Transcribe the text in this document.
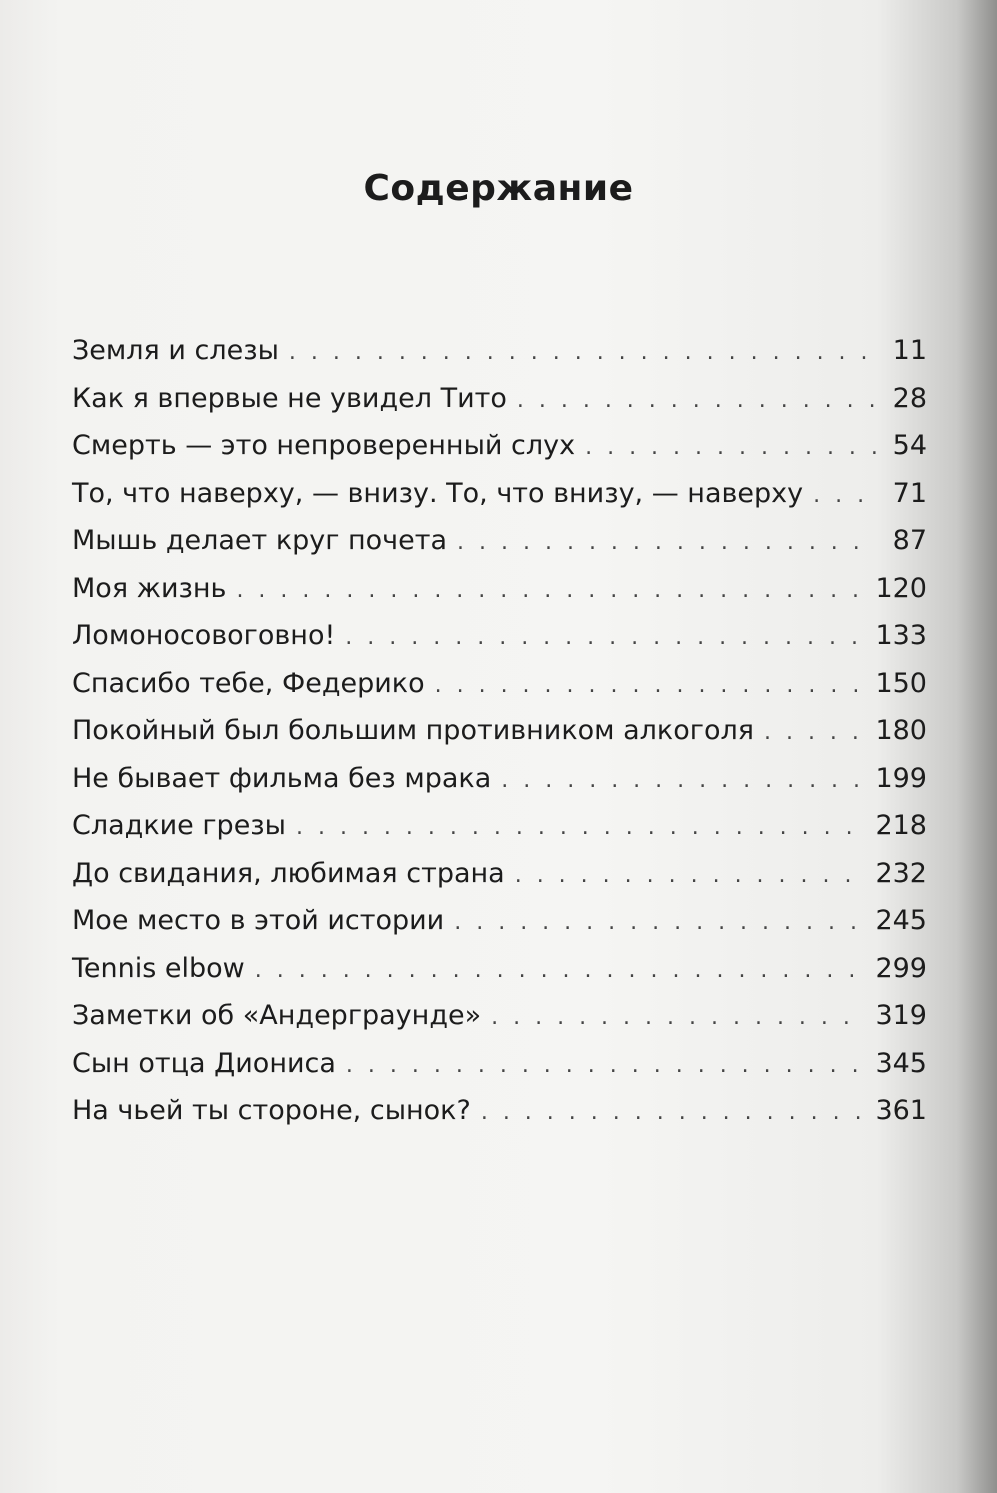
Содержание
Земля и слезы . . .	11
Как я впервые не увидел Тито . . .	28
Смерть — это непроверенный слух . . .	54
То, что наверху, — внизу. То, что внизу, — наверху . . .	71
Мышь делает круг почета . . .	87
Моя жизнь . . .	120
Ломоносовоговно! . . .	133
Спасибо тебе, Федерико . . .	150
Покойный был большим противником алкоголя . . .	180
Не бывает фильма без мрака . . .	199
Сладкие грезы . . .	218
До свидания, любимая страна . . .	232
Мое место в этой истории . . .	245
Tennis elbow . . .	299
Заметки об «Андерграунде» . . .	319
Сын отца Диониса . . .	345
На чьей ты стороне, сынок? . . .	361
